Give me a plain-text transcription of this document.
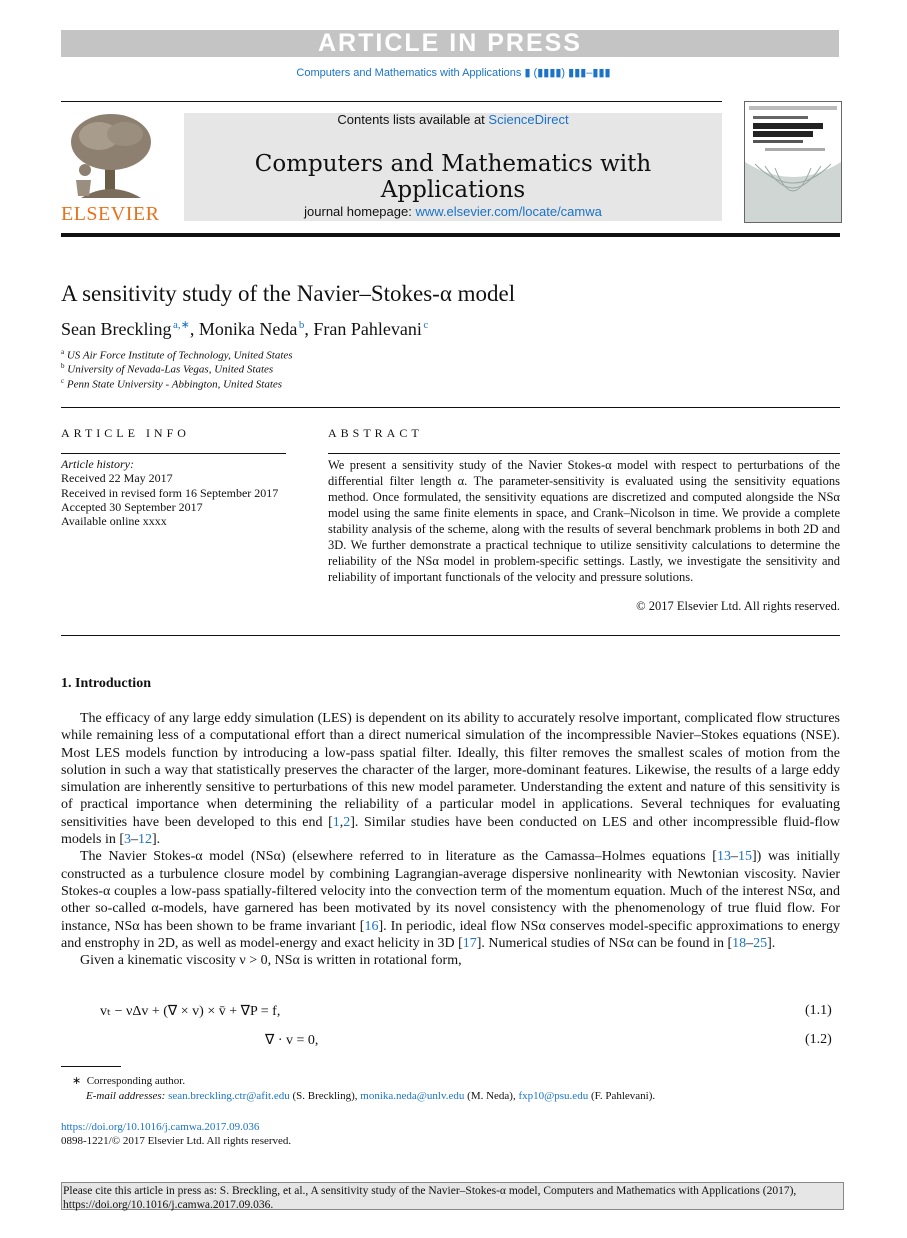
ARTICLE IN PRESS
Computers and Mathematics with Applications ▮ (▮▮▮▮) ▮▮▮–▮▮▮
ELSEVIER
Contents lists available at ScienceDirect
Computers and Mathematics with Applications
journal homepage: www.elsevier.com/locate/camwa
A sensitivity study of the Navier–Stokes-α model
Sean Breckling  $^{a,∗}$, Monika Neda  $^b$, Fran Pahlevani  $^c$
$^a$ US Air Force Institute of Technology, United States
$^b$ University of Nevada-Las Vegas, United States
$^c$ Penn State University - Abbington, United States
ARTICLE INFO
Article history:
Received 22 May 2017
Received in revised form 16 September 2017
Accepted 30 September 2017
Available online xxxx
ABSTRACT
We present a sensitivity study of the Navier Stokes-α model with respect to perturbations of the differential filter length α. The parameter-sensitivity is evaluated using the sensitivity equations method. Once formulated, the sensitivity equations are discretized and computed alongside the NSα model using the same finite elements in space, and Crank–Nicolson in time. We provide a complete stability analysis of the scheme, along with the results of several benchmark problems in both 2D and 3D. We further demonstrate a practical technique to utilize sensitivity calculations to determine the reliability of the NSα model in problem-specific settings. Lastly, we investigate the sensitivity and reliability of important functionals of the velocity and pressure solutions.
© 2017 Elsevier Ltd. All rights reserved.
1. Introduction

The efficacy of any large eddy simulation (LES) is dependent on its ability to accurately resolve important, complicated flow structures while remaining less of a computational effort than a direct numerical simulation of the incompressible Navier–Stokes equations (NSE). Most LES models function by introducing a low-pass spatial filter. Ideally, this filter removes the smallest scales of motion from the solution in such a way that statistically preserves the character of the larger, more-dominant features. Likewise, the results of a large eddy simulation are inherently sensitive to perturbations of this new model parameter. Understanding the extent and nature of this sensitivity is of practical importance when determining the reliability of a particular model in applications. Several techniques for evaluating sensitivities have been developed to this end [1,2]. Similar studies have been conducted on LES and other incompressible fluid-flow models in [3–12].

The Navier Stokes-α model (NSα) (elsewhere referred to in literature as the Camassa–Holmes equations [13–15]) was initially constructed as a turbulence closure model by combining Lagrangian-average dispersive nonlinearity with Newtonian viscosity. Navier Stokes-α couples a low-pass spatially-filtered velocity into the convection term of the momentum equation. Much of the interest NSα, and other so-called α-models, have garnered has been motivated by its novel consistency with the phenomenology of true fluid flow. For instance, NSα has been shown to be frame invariant [16]. In periodic, ideal flow NSα conserves model-specific approximations to energy and enstrophy in 2D, as well as model-energy and exact helicity in 3D [17]. Numerical studies of NSα can be found in [18–25].

Given a kinematic viscosity ν > 0, NSα is written in rotational form,

vₜ − νΔv + (∇ × v) × v̄ + ∇P = f,	(1.1)
∇ · v = 0,	(1.2)
∗ Corresponding author.
E-mail addresses: sean.breckling.ctr@afit.edu (S. Breckling), monika.neda@unlv.edu (M. Neda), fxp10@psu.edu (F. Pahlevani).
https://doi.org/10.1016/j.camwa.2017.09.036
0898-1221/© 2017 Elsevier Ltd. All rights reserved.
Please cite this article in press as: S. Breckling, et al., A sensitivity study of the Navier–Stokes-α model, Computers and Mathematics with Applications (2017), https://doi.org/10.1016/j.camwa.2017.09.036.
